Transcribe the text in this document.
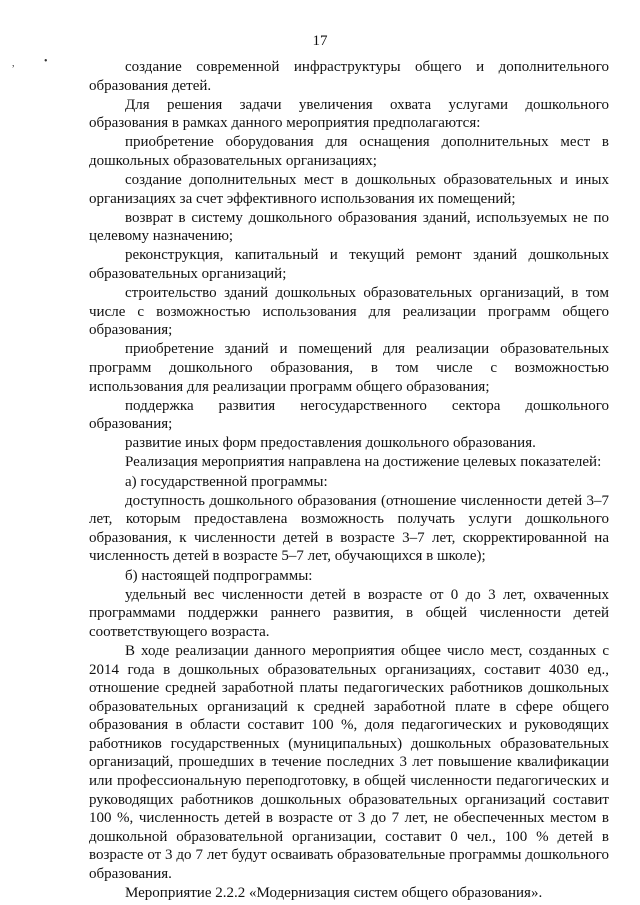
17
,	•	создание современной инфраструктуры общего и дополнительного образования детей.

Для решения задачи увеличения охвата услугами дошкольного образования в рамках данного мероприятия предполагаются:

приобретение оборудования для оснащения дополнительных мест в дошкольных образовательных организациях;

создание дополнительных мест в дошкольных образовательных и иных организациях за счет эффективного использования их помещений;

возврат в систему дошкольного образования зданий, используемых не по целевому назначению;

реконструкция, капитальный и текущий ремонт зданий дошкольных образовательных организаций;

строительство зданий дошкольных образовательных организаций, в том числе с возможностью использования для реализации программ общего образования;

приобретение зданий и помещений для реализации образовательных программ дошкольного образования, в том числе с возможностью использования для реализации программ общего образования;

поддержка развития негосударственного сектора дошкольного образования;

развитие иных форм предоставления дошкольного образования.

Реализация мероприятия направлена на достижение целевых показателей:

а) государственной программы:

доступность дошкольного образования (отношение численности детей 3–7 лет, которым предоставлена возможность получать услуги дошкольного образования, к численности детей в возрасте 3–7 лет, скорректированной на численность детей в возрасте 5–7 лет, обучающихся в школе);

б) настоящей подпрограммы:

удельный вес численности детей в возрасте от 0 до 3 лет, охваченных программами поддержки раннего развития, в общей численности детей соответствующего возраста.

В ходе реализации данного мероприятия общее число мест, созданных с 2014 года в дошкольных образовательных организациях, составит 4030 ед., отношение средней заработной платы педагогических работников дошкольных образовательных организаций к средней заработной плате в сфере общего образования в области составит 100 %, доля педагогических и руководящих работников государственных (муниципальных) дошкольных образовательных организаций, прошедших в течение последних 3 лет повышение квалификации или профессиональную переподготовку, в общей численности педагогических и руководящих работников дошкольных образовательных организаций составит 100 %, численность детей в возрасте от 3 до 7 лет, не обеспеченных местом в дошкольной образовательной организации, составит 0 чел., 100 % детей в возрасте от 3 до 7 лет будут осваивать образовательные программы дошкольного образования.

Мероприятие 2.2.2 «Модернизация систем общего образования».
